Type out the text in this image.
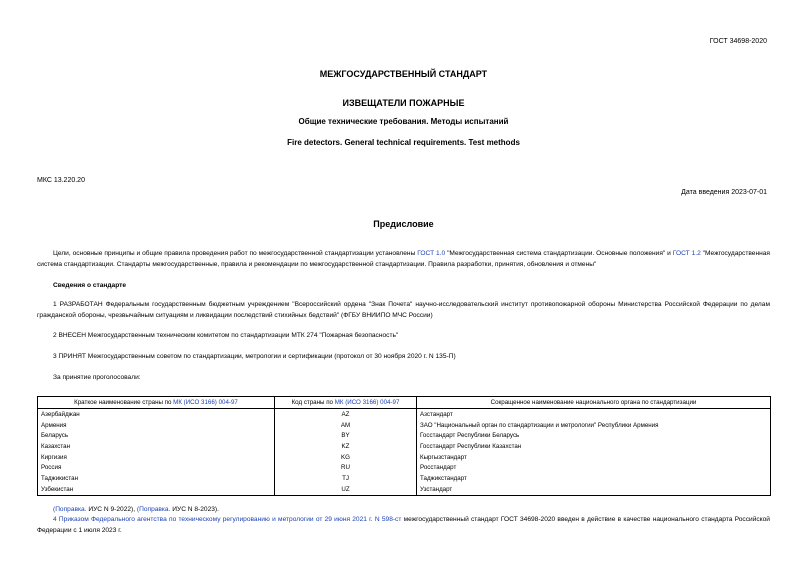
ГОСТ 34698-2020
МЕЖГОСУДАРСТВЕННЫЙ СТАНДАРТ
ИЗВЕЩАТЕЛИ ПОЖАРНЫЕ
Общие технические требования. Методы испытаний
Fire detectors. General technical requirements. Test methods
МКС 13.220.20
Дата введения 2023-07-01
Предисловие
Цели, основные принципы и общие правила проведения работ по межгосударственной стандартизации установлены ГОСТ 1.0 "Межгосударственная система стандартизации. Основные положения" и ГОСТ 1.2 "Межгосударственная система стандартизации. Стандарты межгосударственные, правила и рекомендации по межгосударственной стандартизации. Правила разработки, принятия, обновления и отмены"
Сведения о стандарте
1 РАЗРАБОТАН Федеральным государственным бюджетным учреждением "Всероссийский ордена "Знак Почета" научно-исследовательский институт противопожарной обороны Министерства Российской Федерации по делам гражданской обороны, чрезвычайным ситуациям и ликвидации последствий стихийных бедствий" (ФГБУ ВНИИПО МЧС России)
2 ВНЕСЕН Межгосударственным техническим комитетом по стандартизации МТК 274 "Пожарная безопасность"
3 ПРИНЯТ Межгосударственным советом по стандартизации, метрологии и сертификации (протокол от 30 ноября 2020 г. N 135-П)
За принятие проголосовали:
Краткое наименование страны по МК (ИСО 3166) 004-97	Код страны по МК (ИСО 3166) 004-97	Сокращенное наименование национального органа по стандартизации
Азербайджан	AZ	Азстандарт
Армения	AM	ЗАО "Национальный орган по стандартизации и метрологии" Республики Армения
Беларусь	BY	Госстандарт Республики Беларусь
Казахстан	KZ	Госстандарт Республики Казахстан
Киргизия	KG	Кыргызстандарт
Россия	RU	Росстандарт
Таджикистан	TJ	Таджикстандарт
Узбекистан	UZ	Узстандарт
(Поправка. ИУС N 9-2022), (Поправка. ИУС N 8-2023).
4 Приказом Федерального агентства по техническому регулированию и метрологии от 29 июня 2021 г. N 598-ст межгосударственный стандарт ГОСТ 34698-2020 введен в действие в качестве национального стандарта Российской Федерации с 1 июля 2023 г.
